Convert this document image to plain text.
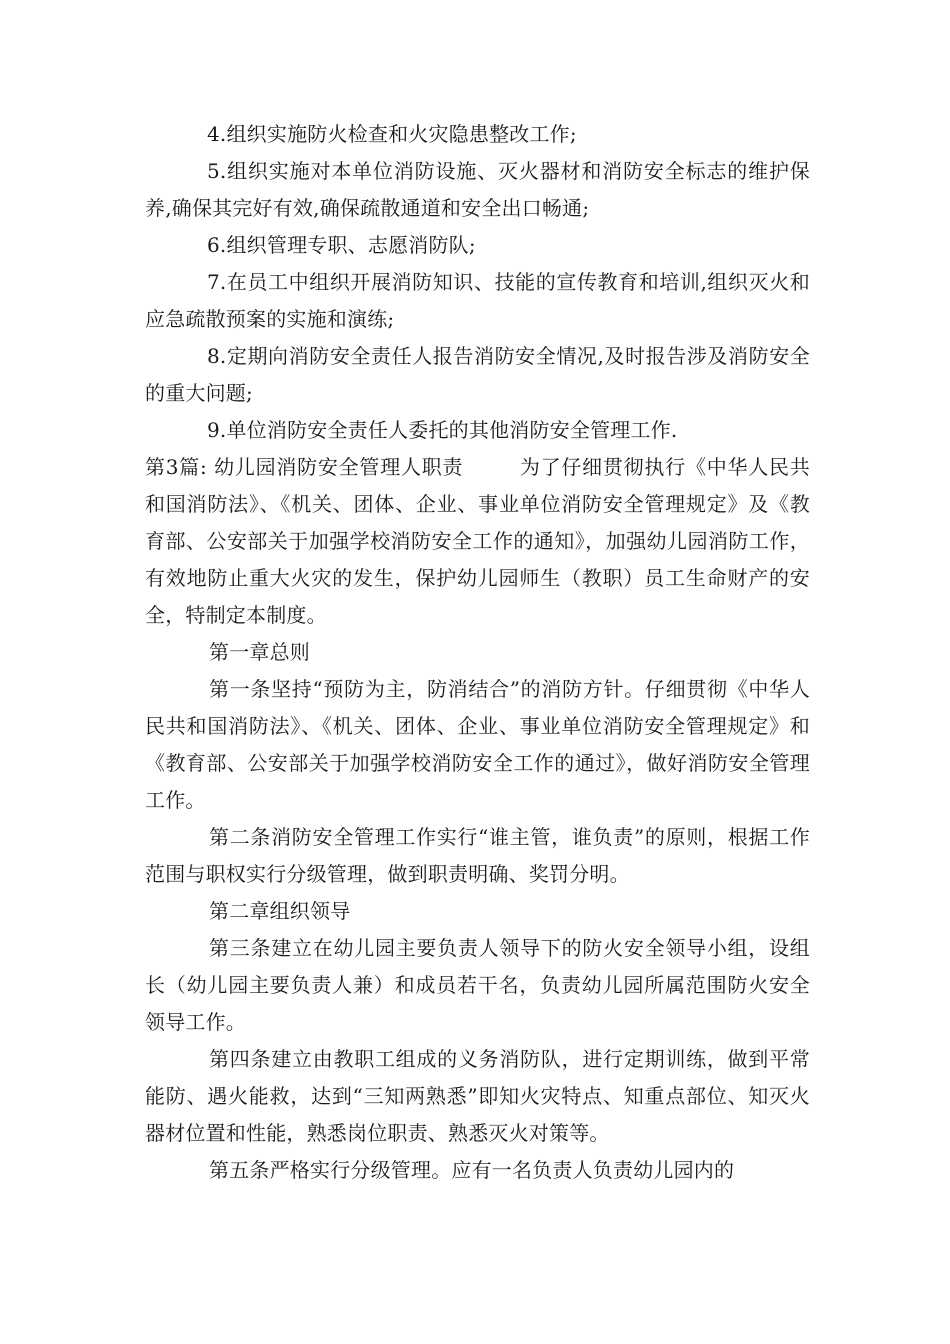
4.组织实施防火检查和火灾隐患整改工作;

5.组织实施对本单位消防设施、灭火器材和消防安全标志的维护保养,确保其完好有效,确保疏散通道和安全出口畅通;

6.组织管理专职、志愿消防队;

7.在员工中组织开展消防知识、技能的宣传教育和培训,组织灭火和应急疏散预案的实施和演练;

8.定期向消防安全责任人报告消防安全情况,及时报告涉及消防安全的重大问题;

9.单位消防安全责任人委托的其他消防安全管理工作.

第3篇: 幼儿园消防安全管理人职责	为了仔细贯彻执行《中华人民共和国消防法》、《机关、团体、企业、事业单位消防安全管理规定》及《教育部、公安部关于加强学校消防安全工作的通知》，加强幼儿园消防工作，有效地防止重大火灾的发生，保护幼儿园师生（教职）员工生命财产的安全，特制定本制度。

第一章总则

第一条坚持“预防为主，防消结合”的消防方针。仔细贯彻《中华人民共和国消防法》、《机关、团体、企业、事业单位消防安全管理规定》和《教育部、公安部关于加强学校消防安全工作的通过》，做好消防安全管理工作。

第二条消防安全管理工作实行“谁主管，谁负责”的原则，根据工作范围与职权实行分级管理，做到职责明确、奖罚分明。

第二章组织领导

第三条建立在幼儿园主要负责人领导下的防火安全领导小组，设组长（幼儿园主要负责人兼）和成员若干名，负责幼儿园所属范围防火安全领导工作。

第四条建立由教职工组成的义务消防队，进行定期训练，做到平常能防、遇火能救，达到“三知两熟悉”即知火灾特点、知重点部位、知灭火器材位置和性能，熟悉岗位职责、熟悉灭火对策等。

第五条严格实行分级管理。应有一名负责人负责幼儿园内的
